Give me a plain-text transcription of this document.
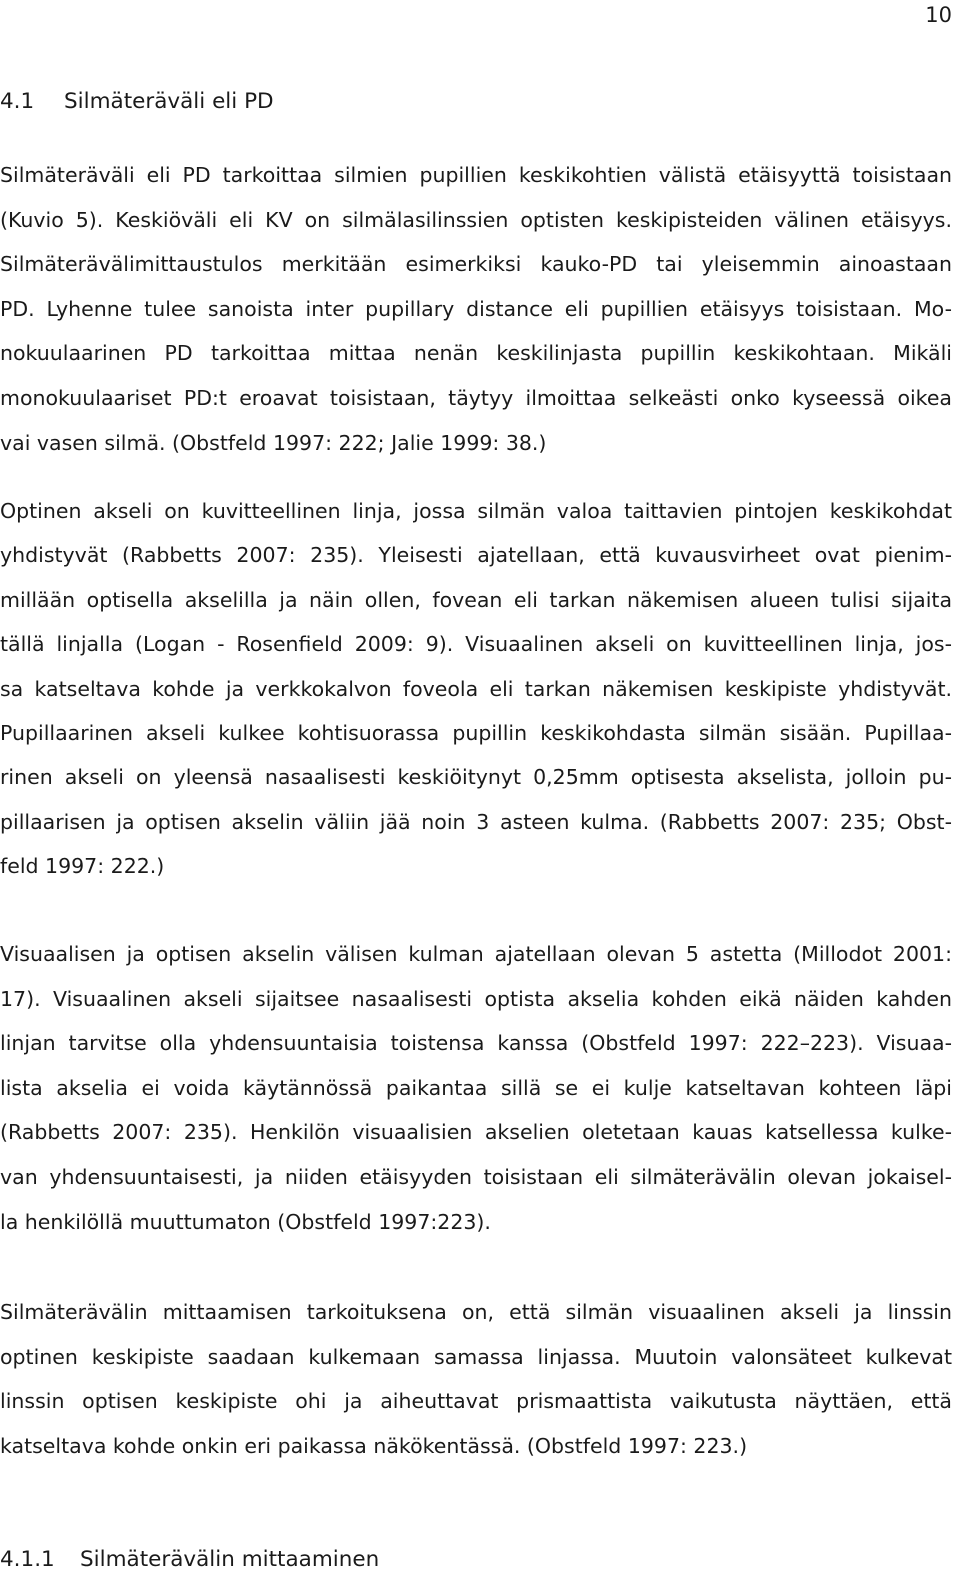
10
4.1 Silmäteräväli eli PD
Silmäteräväli eli PD tarkoittaa silmien pupillien keskikohtien välistä etäisyyttä toisistaan
(Kuvio 5). Keskiöväli eli KV on silmälasilinssien optisten keskipisteiden välinen etäisyys.
Silmäterävälimittaustulos merkitään esimerkiksi kauko-PD tai yleisemmin ainoastaan
PD. Lyhenne tulee sanoista inter pupillary distance eli pupillien etäisyys toisistaan. Mo-
nokuulaarinen PD tarkoittaa mittaa nenän keskilinjasta pupillin keskikohtaan. Mikäli
monokuulaariset PD:t eroavat toisistaan, täytyy ilmoittaa selkeästi onko kyseessä oikea
vai vasen silmä. (Obstfeld 1997: 222; Jalie 1999: 38.)
Optinen akseli on kuvitteellinen linja, jossa silmän valoa taittavien pintojen keskikohdat
yhdistyvät (Rabbetts 2007: 235). Yleisesti ajatellaan, että kuvausvirheet ovat pienim-
millään optisella akselilla ja näin ollen, fovean eli tarkan näkemisen alueen tulisi sijaita
tällä linjalla (Logan - Rosenfield 2009: 9). Visuaalinen akseli on kuvitteellinen linja, jos-
sa katseltava kohde ja verkkokalvon foveola eli tarkan näkemisen keskipiste yhdistyvät.
Pupillaarinen akseli kulkee kohtisuorassa pupillin keskikohdasta silmän sisään. Pupillaa-
rinen akseli on yleensä nasaalisesti keskiöitynyt 0,25mm optisesta akselista, jolloin pu-
pillaarisen ja optisen akselin väliin jää noin 3 asteen kulma. (Rabbetts 2007: 235; Obst-
feld 1997: 222.)
Visuaalisen ja optisen akselin välisen kulman ajatellaan olevan 5 astetta (Millodot 2001:
17). Visuaalinen akseli sijaitsee nasaalisesti optista akselia kohden eikä näiden kahden
linjan tarvitse olla yhdensuuntaisia toistensa kanssa (Obstfeld 1997: 222–223). Visuaa-
lista akselia ei voida käytännössä paikantaa sillä se ei kulje katseltavan kohteen läpi
(Rabbetts 2007: 235). Henkilön visuaalisien akselien oletetaan kauas katsellessa kulke-
van yhdensuuntaisesti, ja niiden etäisyyden toisistaan eli silmäterävälin olevan jokaisel-
la henkilöllä muuttumaton (Obstfeld 1997:223).
Silmäterävälin mittaamisen tarkoituksena on, että silmän visuaalinen akseli ja linssin
optinen keskipiste saadaan kulkemaan samassa linjassa. Muutoin valonsäteet kulkevat
linssin optisen keskipiste ohi ja aiheuttavat prismaattista vaikutusta näyttäen, että
katseltava kohde onkin eri paikassa näkökentässä. (Obstfeld 1997: 223.)
4.1.1 Silmäterävälin mittaaminen
